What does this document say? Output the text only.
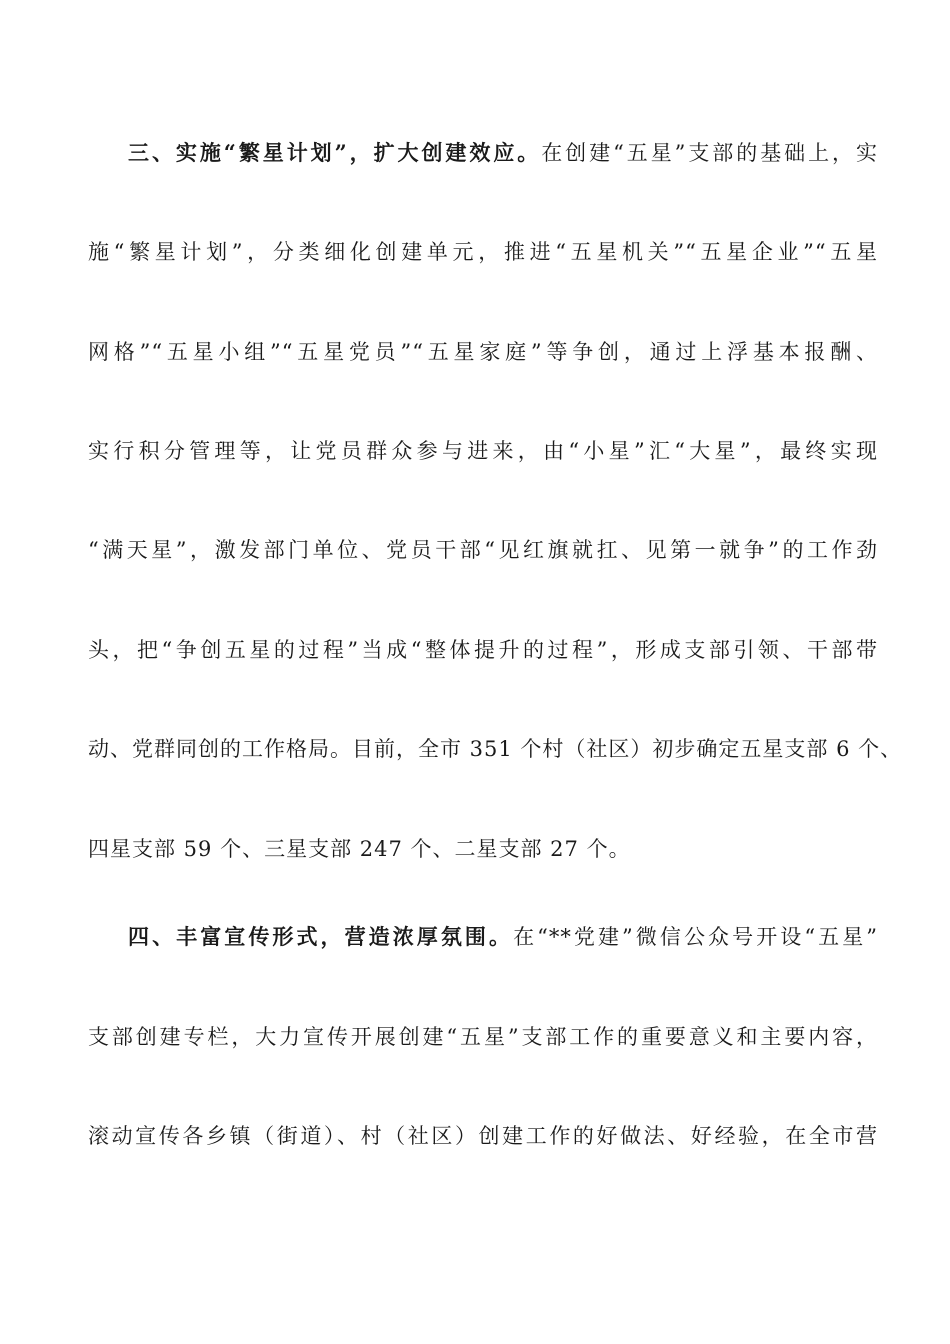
三、实施“繁星计划”，扩大创建效应。在创建“五星”支部的基础上，实
施“繁星计划”，分类细化创建单元，推进“五星机关”“五星企业”“五星
网格”“五星小组”“五星党员”“五星家庭”等争创，通过上浮基本报酬、
实行积分管理等，让党员群众参与进来，由“小星”汇“大星”，最终实现
“满天星”，激发部门单位、党员干部“见红旗就扛、见第一就争”的工作劲
头，把“争创五星的过程”当成“整体提升的过程”，形成支部引领、干部带
动、党群同创的工作格局。目前，全市 351 个村（社区）初步确定五星支部 6 个、
四星支部 59 个、三星支部 247 个、二星支部 27 个。
四、丰富宣传形式，营造浓厚氛围。在“**党建”微信公众号开设“五星”
支部创建专栏，大力宣传开展创建“五星”支部工作的重要意义和主要内容，
滚动宣传各乡镇（街道）、村（社区）创建工作的好做法、好经验，在全市营
